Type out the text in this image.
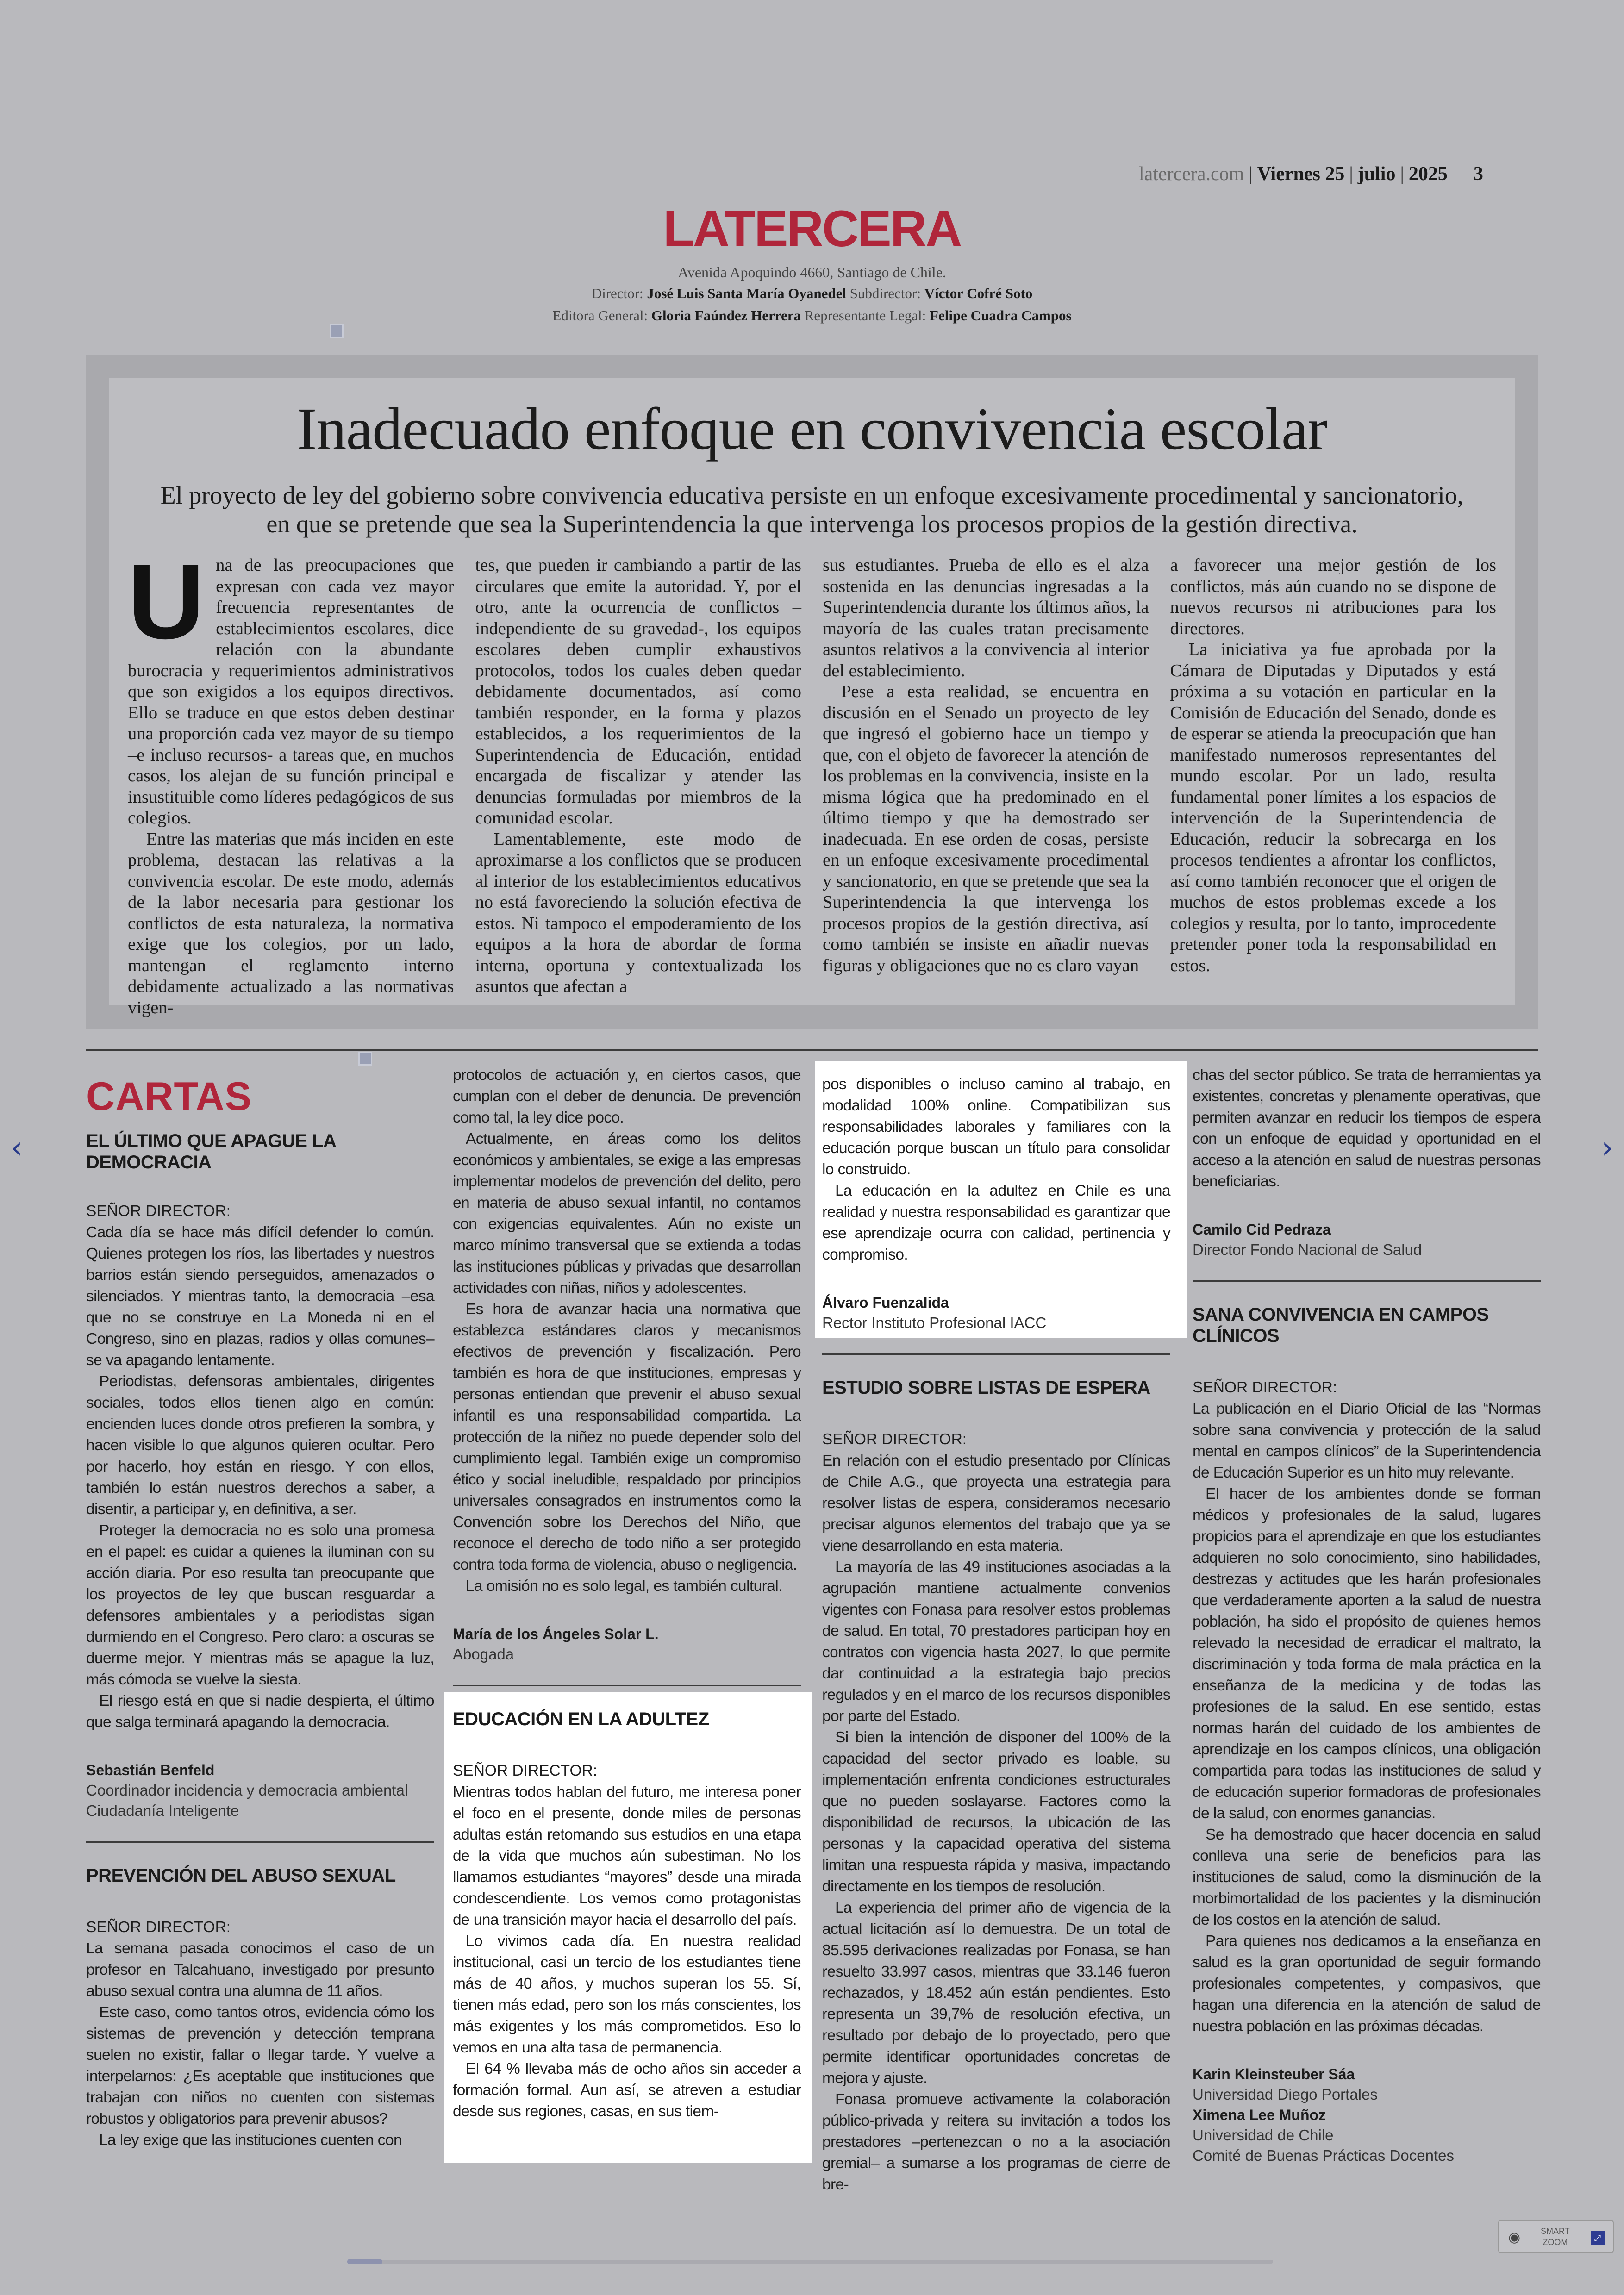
latercera.com | Viernes 25 | julio | 2025 3
LATERCERA
Avenida Apoquindo 4660, Santiago de Chile.
Director: José Luis Santa María Oyanedel Subdirector: Víctor Cofré Soto
Editora General: Gloria Faúndez Herrera Representante Legal: Felipe Cuadra Campos
Inadecuado enfoque en convivencia escolar
El proyecto de ley del gobierno sobre convivencia educativa persiste en un enfoque excesivamente procedimental y sancionatorio, en que se pretende que sea la Superintendencia la que intervenga los procesos propios de la gestión directiva.

Una de las preocupaciones que expresan con cada vez mayor frecuencia representantes de establecimientos escolares, dice relación con la abundante burocracia y requerimientos administrativos que son exigidos a los equipos directivos. Ello se traduce en que estos deben destinar una proporción cada vez mayor de su tiempo –e incluso recursos- a tareas que, en muchos casos, los alejan de su función principal e insustituible como líderes pedagógicos de sus colegios.

Entre las materias que más inciden en este problema, destacan las relativas a la convivencia escolar. De este modo, además de la labor necesaria para gestionar los conflictos de esta naturaleza, la normativa exige que los colegios, por un lado, mantengan el reglamento interno debidamente actualizado a las normativas vigen-

tes, que pueden ir cambiando a partir de las circulares que emite la autoridad. Y, por el otro, ante la ocurrencia de conflictos –independiente de su gravedad-, los equipos escolares deben cumplir exhaustivos protocolos, todos los cuales deben quedar debidamente documentados, así como también responder, en la forma y plazos establecidos, a los requerimientos de la Superintendencia de Educación, entidad encargada de fiscalizar y atender las denuncias formuladas por miembros de la comunidad escolar.

Lamentablemente, este modo de aproximarse a los conflictos que se producen al interior de los establecimientos educativos no está favoreciendo la solución efectiva de estos. Ni tampoco el empoderamiento de los equipos a la hora de abordar de forma interna, oportuna y contextualizada los asuntos que afectan a

sus estudiantes. Prueba de ello es el alza sostenida en las denuncias ingresadas a la Superintendencia durante los últimos años, la mayoría de las cuales tratan precisamente asuntos relativos a la convivencia al interior del establecimiento.

Pese a esta realidad, se encuentra en discusión en el Senado un proyecto de ley que ingresó el gobierno hace un tiempo y que, con el objeto de favorecer la atención de los problemas en la convivencia, insiste en la misma lógica que ha predominado en el último tiempo y que ha demostrado ser inadecuada. En ese orden de cosas, persiste en un enfoque excesivamente procedimental y sancionatorio, en que se pretende que sea la Superintendencia la que intervenga los procesos propios de la gestión directiva, así como también se insiste en añadir nuevas figuras y obligaciones que no es claro vayan

a favorecer una mejor gestión de los conflictos, más aún cuando no se dispone de nuevos recursos ni atribuciones para los directores.

La iniciativa ya fue aprobada por la Cámara de Diputadas y Diputados y está próxima a su votación en particular en la Comisión de Educación del Senado, donde es de esperar se atienda la preocupación que han manifestado numerosos representantes del mundo escolar. Por un lado, resulta fundamental poner límites a los espacios de intervención de la Superintendencia de Educación, reducir la sobrecarga en los procesos tendientes a afrontar los conflictos, así como también reconocer que el origen de muchos de estos problemas excede a los colegios y resulta, por lo tanto, improcedente pretender poner toda la responsabilidad en estos.

CARTAS
EL ÚLTIMO QUE APAGUE LA DEMOCRACIA
SEÑOR DIRECTOR:

Cada día se hace más difícil defender lo común. Quienes protegen los ríos, las libertades y nuestros barrios están siendo perseguidos, amenazados o silenciados. Y mientras tanto, la democracia –esa que no se construye en La Moneda ni en el Congreso, sino en plazas, radios y ollas comunes– se va apagando lentamente.

Periodistas, defensoras ambientales, dirigentes sociales, todos ellos tienen algo en común: encienden luces donde otros prefieren la sombra, y hacen visible lo que algunos quieren ocultar. Pero por hacerlo, hoy están en riesgo. Y con ellos, también lo están nuestros derechos a saber, a disentir, a participar y, en definitiva, a ser.

Proteger la democracia no es solo una promesa en el papel: es cuidar a quienes la iluminan con su acción diaria. Por eso resulta tan preocupante que los proyectos de ley que buscan resguardar a defensores ambientales y a periodistas sigan durmiendo en el Congreso. Pero claro: a oscuras se duerme mejor. Y mientras más se apague la luz, más cómoda se vuelve la siesta.

El riesgo está en que si nadie despierta, el último que salga terminará apagando la democracia.

Sebastián Benfeld
Coordinador incidencia y democracia ambiental
Ciudadanía Inteligente
PREVENCIÓN DEL ABUSO SEXUAL
SEÑOR DIRECTOR:

La semana pasada conocimos el caso de un profesor en Talcahuano, investigado por presunto abuso sexual contra una alumna de 11 años.

Este caso, como tantos otros, evidencia cómo los sistemas de prevención y detección temprana suelen no existir, fallar o llegar tarde. Y vuelve a interpelarnos: ¿Es aceptable que instituciones que trabajan con niños no cuenten con sistemas robustos y obligatorios para prevenir abusos?

La ley exige que las instituciones cuenten con

protocolos de actuación y, en ciertos casos, que cumplan con el deber de denuncia. De prevención como tal, la ley dice poco.

Actualmente, en áreas como los delitos económicos y ambientales, se exige a las empresas implementar modelos de prevención del delito, pero en materia de abuso sexual infantil, no contamos con exigencias equivalentes. Aún no existe un marco mínimo transversal que se extienda a todas las instituciones públicas y privadas que desarrollan actividades con niñas, niños y adolescentes.

Es hora de avanzar hacia una normativa que establezca estándares claros y mecanismos efectivos de prevención y fiscalización. Pero también es hora de que instituciones, empresas y personas entiendan que prevenir el abuso sexual infantil es una responsabilidad compartida. La protección de la niñez no puede depender solo del cumplimiento legal. También exige un compromiso ético y social ineludible, respaldado por principios universales consagrados en instrumentos como la Convención sobre los Derechos del Niño, que reconoce el derecho de todo niño a ser protegido contra toda forma de violencia, abuso o negligencia.

La omisión no es solo legal, es también cultural.

María de los Ángeles Solar L.
Abogada
EDUCACIÓN EN LA ADULTEZ
SEÑOR DIRECTOR:

Mientras todos hablan del futuro, me interesa poner el foco en el presente, donde miles de personas adultas están retomando sus estudios en una etapa de la vida que muchos aún subestiman. No los llamamos estudiantes “mayores” desde una mirada condescendiente. Los vemos como protagonistas de una transición mayor hacia el desarrollo del país.

Lo vivimos cada día. En nuestra realidad institucional, casi un tercio de los estudiantes tiene más de 40 años, y muchos superan los 55. Sí, tienen más edad, pero son los más conscientes, los más exigentes y los más comprometidos. Eso lo vemos en una alta tasa de permanencia.

El 64 % llevaba más de ocho años sin acceder a formación formal. Aun así, se atreven a estudiar desde sus regiones, casas, en sus tiem-

pos disponibles o incluso camino al trabajo, en modalidad 100% online. Compatibilizan sus responsabilidades laborales y familiares con la educación porque buscan un título para consolidar lo construido.

La educación en la adultez en Chile es una realidad y nuestra responsabilidad es garantizar que ese aprendizaje ocurra con calidad, pertinencia y compromiso.

Álvaro Fuenzalida
Rector Instituto Profesional IACC
ESTUDIO SOBRE LISTAS DE ESPERA
SEÑOR DIRECTOR:

En relación con el estudio presentado por Clínicas de Chile A.G., que proyecta una estrategia para resolver listas de espera, consideramos necesario precisar algunos elementos del trabajo que ya se viene desarrollando en esta materia.

La mayoría de las 49 instituciones asociadas a la agrupación mantiene actualmente convenios vigentes con Fonasa para resolver estos problemas de salud. En total, 70 prestadores participan hoy en contratos con vigencia hasta 2027, lo que permite dar continuidad a la estrategia bajo precios regulados y en el marco de los recursos disponibles por parte del Estado.

Si bien la intención de disponer del 100% de la capacidad del sector privado es loable, su implementación enfrenta condiciones estructurales que no pueden soslayarse. Factores como la disponibilidad de recursos, la ubicación de las personas y la capacidad operativa del sistema limitan una respuesta rápida y masiva, impactando directamente en los tiempos de resolución.

La experiencia del primer año de vigencia de la actual licitación así lo demuestra. De un total de 85.595 derivaciones realizadas por Fonasa, se han resuelto 33.997 casos, mientras que 33.146 fueron rechazados, y 18.452 aún están pendientes. Esto representa un 39,7% de resolución efectiva, un resultado por debajo de lo proyectado, pero que permite identificar oportunidades concretas de mejora y ajuste.

Fonasa promueve activamente la colaboración público-privada y reitera su invitación a todos los prestadores –pertenezcan o no a la asociación gremial– a sumarse a los programas de cierre de bre-

chas del sector público. Se trata de herramientas ya existentes, concretas y plenamente operativas, que permiten avanzar en reducir los tiempos de espera con un enfoque de equidad y oportunidad en el acceso a la atención en salud de nuestras personas beneficiarias.

Camilo Cid Pedraza
Director Fondo Nacional de Salud
SANA CONVIVENCIA EN CAMPOS CLÍNICOS
SEÑOR DIRECTOR:

La publicación en el Diario Oficial de las “Normas sobre sana convivencia y protección de la salud mental en campos clínicos” de la Superintendencia de Educación Superior es un hito muy relevante.

El hacer de los ambientes donde se forman médicos y profesionales de la salud, lugares propicios para el aprendizaje en que los estudiantes adquieren no solo conocimiento, sino habilidades, destrezas y actitudes que les harán profesionales que verdaderamente aporten a la salud de nuestra población, ha sido el propósito de quienes hemos relevado la necesidad de erradicar el maltrato, la discriminación y toda forma de mala práctica en la enseñanza de la medicina y de todas las profesiones de la salud. En ese sentido, estas normas harán del cuidado de los ambientes de aprendizaje en los campos clínicos, una obligación compartida para todas las instituciones de salud y de educación superior formadoras de profesionales de la salud, con enormes ganancias.

Se ha demostrado que hacer docencia en salud conlleva una serie de beneficios para las instituciones de salud, como la disminución de la morbimortalidad de los pacientes y la disminución de los costos en la atención de salud.

Para quienes nos dedicamos a la enseñanza en salud es la gran oportunidad de seguir formando profesionales competentes, y compasivos, que hagan una diferencia en la atención de salud de nuestra población en las próximas décadas.

Karin Kleinsteuber Sáa
Universidad Diego Portales
Ximena Lee Muñoz
Universidad de Chile
Comité de Buenas Prácticas Docentes
‹	›
◉ SMART
ZOOM	⤢
